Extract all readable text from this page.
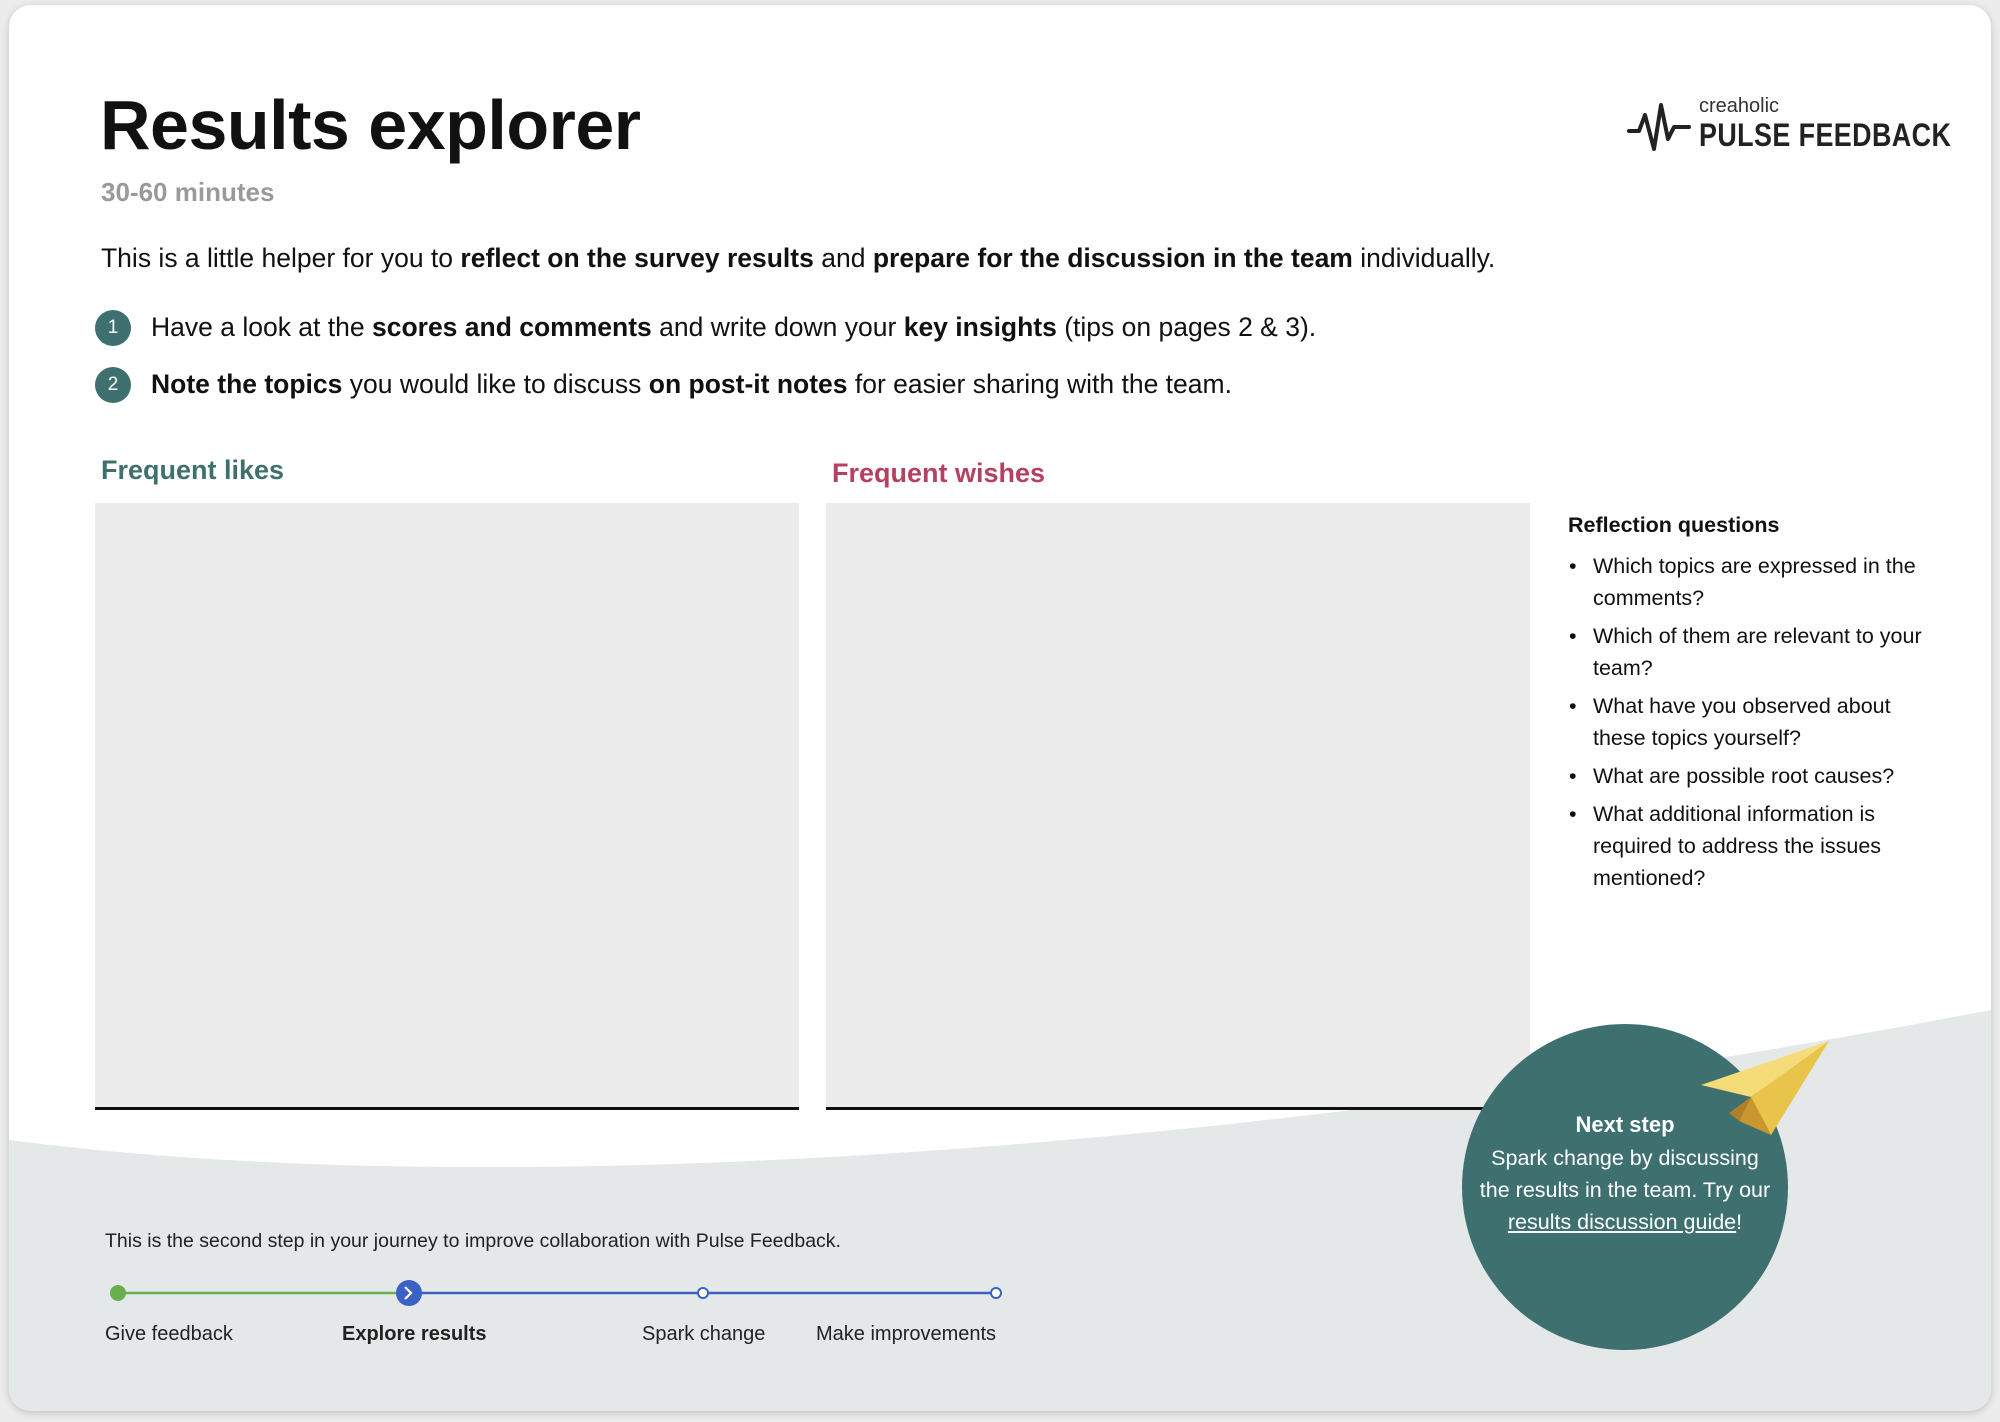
Results explorer
30-60 minutes
creaholic
PULSE FEEDBACK
This is a little helper for you to reflect on the survey results and prepare for the discussion in the team individually.
1	Have a look at the scores and comments and write down your key insights (tips on pages 2 & 3).
2	Note the topics you would like to discuss on post-it notes for easier sharing with the team.
Frequent likes	Frequent wishes
Reflection questions
• Which topics are expressed in the comments?
• Which of them are relevant to your team?
• What have you observed about these topics yourself?
• What are possible root causes?
• What additional information is required to address the issues mentioned?
This is the second step in your journey to improve collaboration with Pulse Feedback.
Give feedback	Explore results	Spark change	Make improvements
Next step
Spark change by discussing the results in the team. Try our results discussion guide!
